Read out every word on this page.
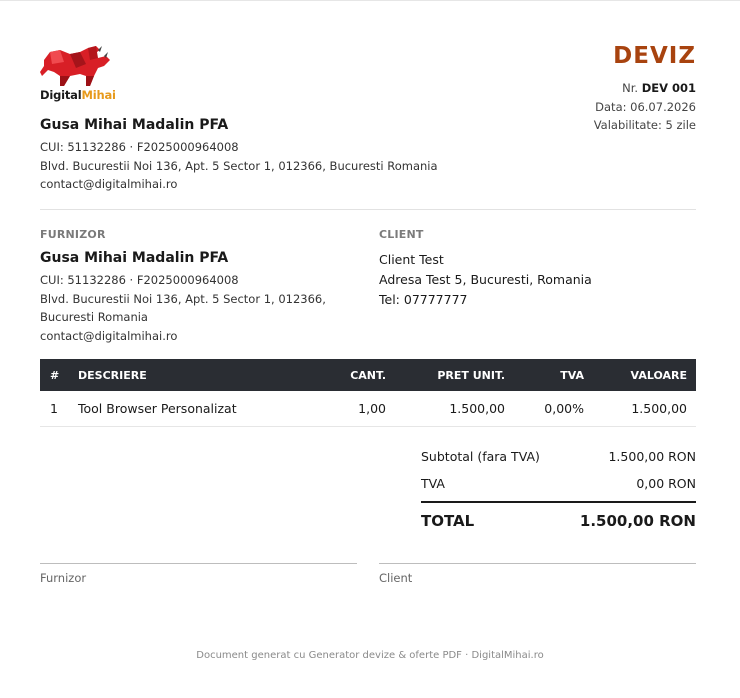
DigitalMihai
Gusa Mihai Madalin PFA
CUI: 51132286 · F2025000964008
Blvd. Bucurestii Noi 136, Apt. 5 Sector 1, 012366, Bucuresti Romania
contact@digitalmihai.ro
DEVIZ
Nr. DEV 001
Data: 06.07.2026
Valabilitate: 5 zile
FURNIZOR
Gusa Mihai Madalin PFA
CUI: 51132286 · F2025000964008
Blvd. Bucurestii Noi 136, Apt. 5 Sector 1, 012366,
Bucuresti Romania
contact@digitalmihai.ro
CLIENT
Client Test
Adresa Test 5, Bucuresti, Romania
Tel: 07777777
# DESCRIERE	CANT.	PRET UNIT.	TVA	VALOARE
1 Tool Browser Personalizat	1,00	1.500,00	0,00%	1.500,00
Subtotal (fara TVA)	1.500,00 RON
TVA	0,00 RON
TOTAL	1.500,00 RON
Furnizor	Client
Document generat cu Generator devize & oferte PDF · DigitalMihai.ro
